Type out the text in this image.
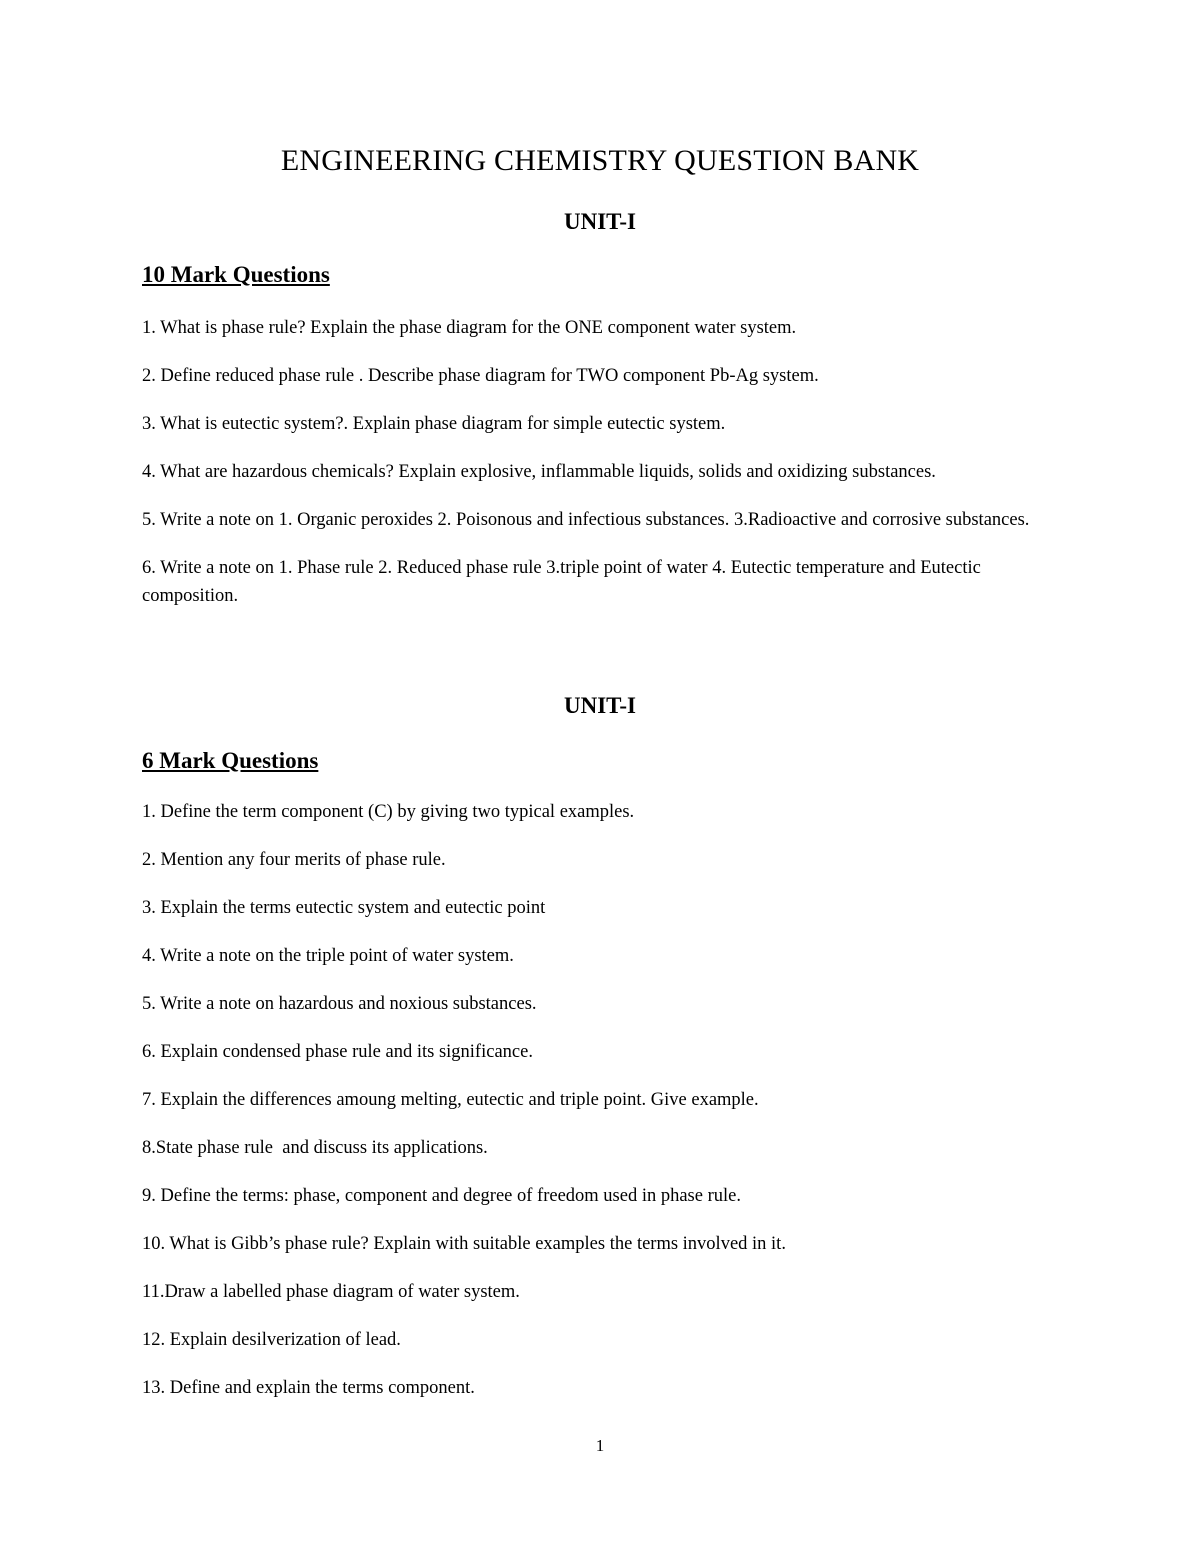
ENGINEERING CHEMISTRY QUESTION BANK
UNIT-I
10 Mark Questions
1. What is phase rule? Explain the phase diagram for the ONE component water system.
2. Define reduced phase rule . Describe phase diagram for TWO component Pb-Ag system.
3. What is eutectic system?. Explain phase diagram for simple eutectic system.
4. What are hazardous chemicals? Explain explosive, inflammable liquids, solids and oxidizing substances.
5. Write a note on 1. Organic peroxides 2. Poisonous and infectious substances. 3.Radioactive and corrosive substances.
6. Write a note on 1. Phase rule 2. Reduced phase rule 3.triple point of water 4. Eutectic temperature and Eutectic composition.
UNIT-I
6 Mark Questions
1. Define the term component (C) by giving two typical examples.
2. Mention any four merits of phase rule.
3. Explain the terms eutectic system and eutectic point
4. Write a note on the triple point of water system.
5. Write a note on hazardous and noxious substances.
6. Explain condensed phase rule and its significance.
7. Explain the differences amoung melting, eutectic and triple point. Give example.
8.State phase rule  and discuss its applications.
9. Define the terms: phase, component and degree of freedom used in phase rule.
10. What is Gibb’s phase rule? Explain with suitable examples the terms involved in it.
11.Draw a labelled phase diagram of water system.
12. Explain desilverization of lead.
13. Define and explain the terms component.
1
